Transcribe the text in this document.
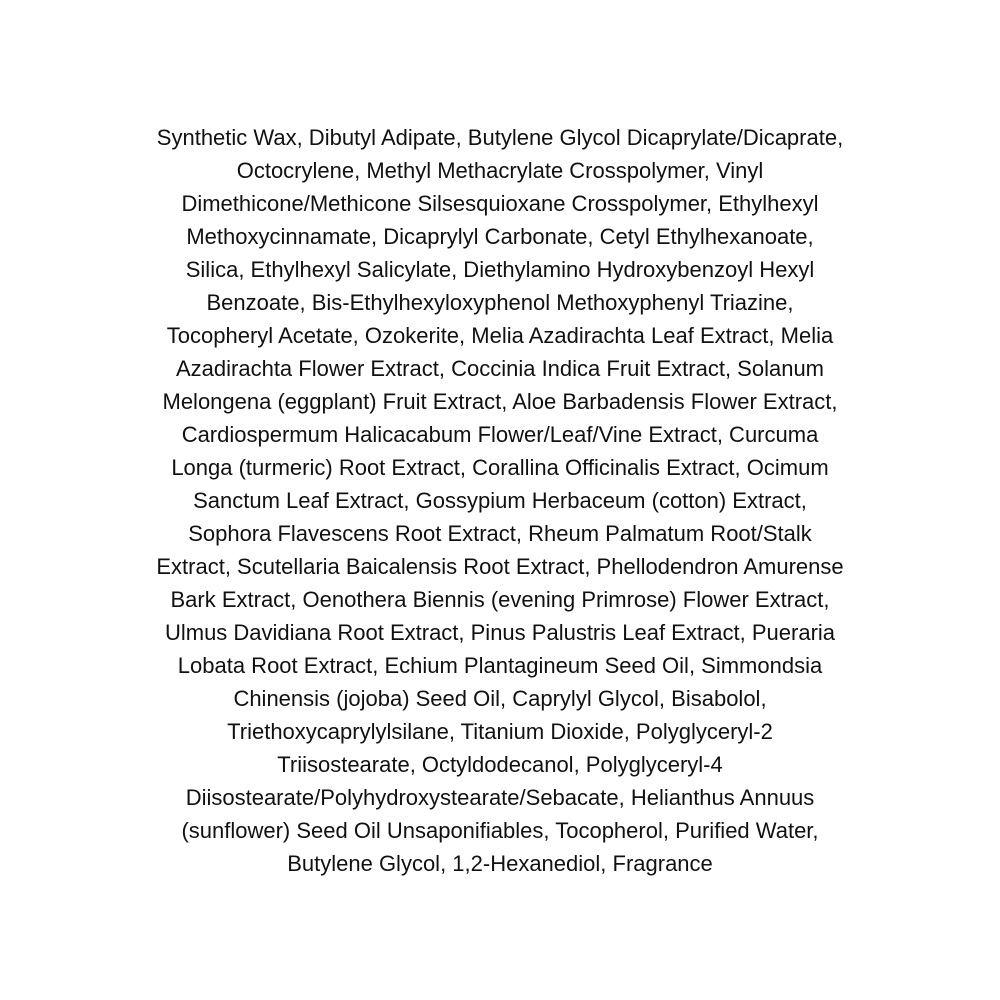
Synthetic Wax, Dibutyl Adipate, Butylene Glycol Dicaprylate/Dicaprate,
Octocrylene, Methyl Methacrylate Crosspolymer, Vinyl
Dimethicone/Methicone Silsesquioxane Crosspolymer, Ethylhexyl
Methoxycinnamate, Dicaprylyl Carbonate, Cetyl Ethylhexanoate,
Silica, Ethylhexyl Salicylate, Diethylamino Hydroxybenzoyl Hexyl
Benzoate, Bis-Ethylhexyloxyphenol Methoxyphenyl Triazine,
Tocopheryl Acetate, Ozokerite, Melia Azadirachta Leaf Extract, Melia
Azadirachta Flower Extract, Coccinia Indica Fruit Extract, Solanum
Melongena (eggplant) Fruit Extract, Aloe Barbadensis Flower Extract,
Cardiospermum Halicacabum Flower/Leaf/Vine Extract, Curcuma
Longa (turmeric) Root Extract, Corallina Officinalis Extract, Ocimum
Sanctum Leaf Extract, Gossypium Herbaceum (cotton) Extract,
Sophora Flavescens Root Extract, Rheum Palmatum Root/Stalk
Extract, Scutellaria Baicalensis Root Extract, Phellodendron Amurense
Bark Extract, Oenothera Biennis (evening Primrose) Flower Extract,
Ulmus Davidiana Root Extract, Pinus Palustris Leaf Extract, Pueraria
Lobata Root Extract, Echium Plantagineum Seed Oil, Simmondsia
Chinensis (jojoba) Seed Oil, Caprylyl Glycol, Bisabolol,
Triethoxycaprylylsilane, Titanium Dioxide, Polyglyceryl-2
Triisostearate, Octyldodecanol, Polyglyceryl-4
Diisostearate/Polyhydroxystearate/Sebacate, Helianthus Annuus
(sunflower) Seed Oil Unsaponifiables, Tocopherol, Purified Water,
Butylene Glycol, 1,2-Hexanediol, Fragrance
